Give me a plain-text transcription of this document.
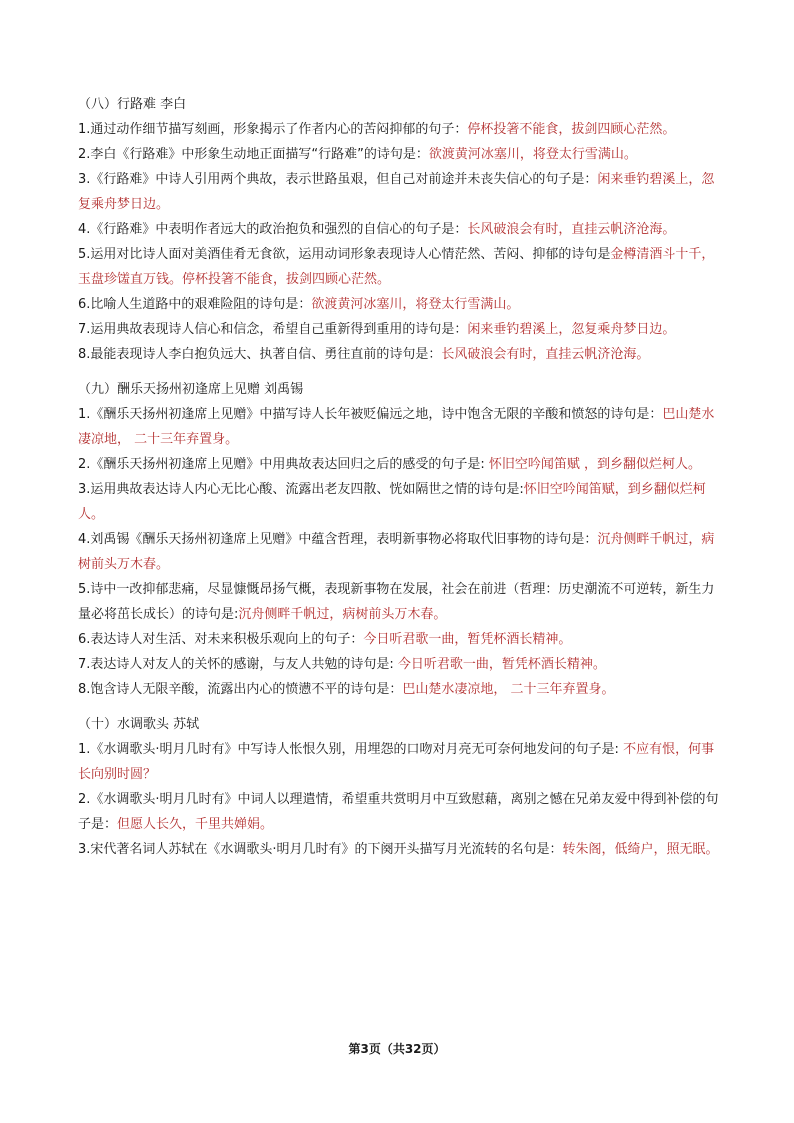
（八）行路难 李白

1.通过动作细节描写刻画，形象揭示了作者内心的苦闷抑郁的句子：停杯投箸不能食，拔剑四顾心茫然。

2.李白《行路难》中形象生动地正面描写“行路难”的诗句是：欲渡黄河冰塞川，将登太行雪满山。

3.《行路难》中诗人引用两个典故，表示世路虽艰，但自己对前途并未丧失信心的句子是：闲来垂钓碧溪上，忽复乘舟梦日边。

4.《行路难》中表明作者远大的政治抱负和强烈的自信心的句子是：长风破浪会有时，直挂云帆济沧海。

5.运用对比诗人面对美酒佳肴无食欲，运用动词形象表现诗人心情茫然、苦闷、抑郁的诗句是金樽清酒斗十千，玉盘珍馐直万钱。停杯投箸不能食，拔剑四顾心茫然。

6.比喻人生道路中的艰难险阻的诗句是：欲渡黄河冰塞川，将登太行雪满山。

7.运用典故表现诗人信心和信念，希望自己重新得到重用的诗句是：闲来垂钓碧溪上，忽复乘舟梦日边。

8.最能表现诗人李白抱负远大、执著自信、勇往直前的诗句是：长风破浪会有时，直挂云帆济沧海。

（九）酬乐天扬州初逢席上见赠 刘禹锡

1.《酬乐天扬州初逢席上见赠》中描写诗人长年被贬偏远之地，诗中饱含无限的辛酸和愤怒的诗句是：巴山楚水凄凉地， 二十三年弃置身。

2.《酬乐天扬州初逢席上见赠》中用典故表达回归之后的感受的句子是: 怀旧空吟闻笛赋 ，到乡翻似烂柯人。

3.运用典故表达诗人内心无比心酸、流露出老友四散、恍如隔世之情的诗句是:怀旧空吟闻笛赋，到乡翻似烂柯人。

4.刘禹锡《酬乐天扬州初逢席上见赠》中蕴含哲理，表明新事物必将取代旧事物的诗句是：沉舟侧畔千帆过，病树前头万木春。

5.诗中一改抑郁悲痛，尽显慷慨昂扬气概，表现新事物在发展，社会在前进（哲理：历史潮流不可逆转，新生力量必将茁长成长）的诗句是:沉舟侧畔千帆过，病树前头万木春。

6.表达诗人对生活、对未来积极乐观向上的句子：今日听君歌一曲，暂凭杯酒长精神。

7.表达诗人对友人的关怀的感谢，与友人共勉的诗句是: 今日听君歌一曲，暂凭杯酒长精神。

8.饱含诗人无限辛酸，流露出内心的愤懑不平的诗句是：巴山楚水凄凉地， 二十三年弃置身。

（十）水调歌头 苏轼

1.《水调歌头·明月几时有》中写诗人怅恨久别，用埋怨的口吻对月亮无可奈何地发问的句子是: 不应有恨，何事长向别时圆？

2.《水调歌头·明月几时有》中词人以理遣情，希望重共赏明月中互致慰藉，离别之憾在兄弟友爱中得到补偿的句子是：但愿人长久，千里共婵娟。

3.宋代著名词人苏轼在《水调歌头·明月几时有》的下阕开头描写月光流转的名句是：转朱阁，低绮户，照无眠。

第3页（共32页）
